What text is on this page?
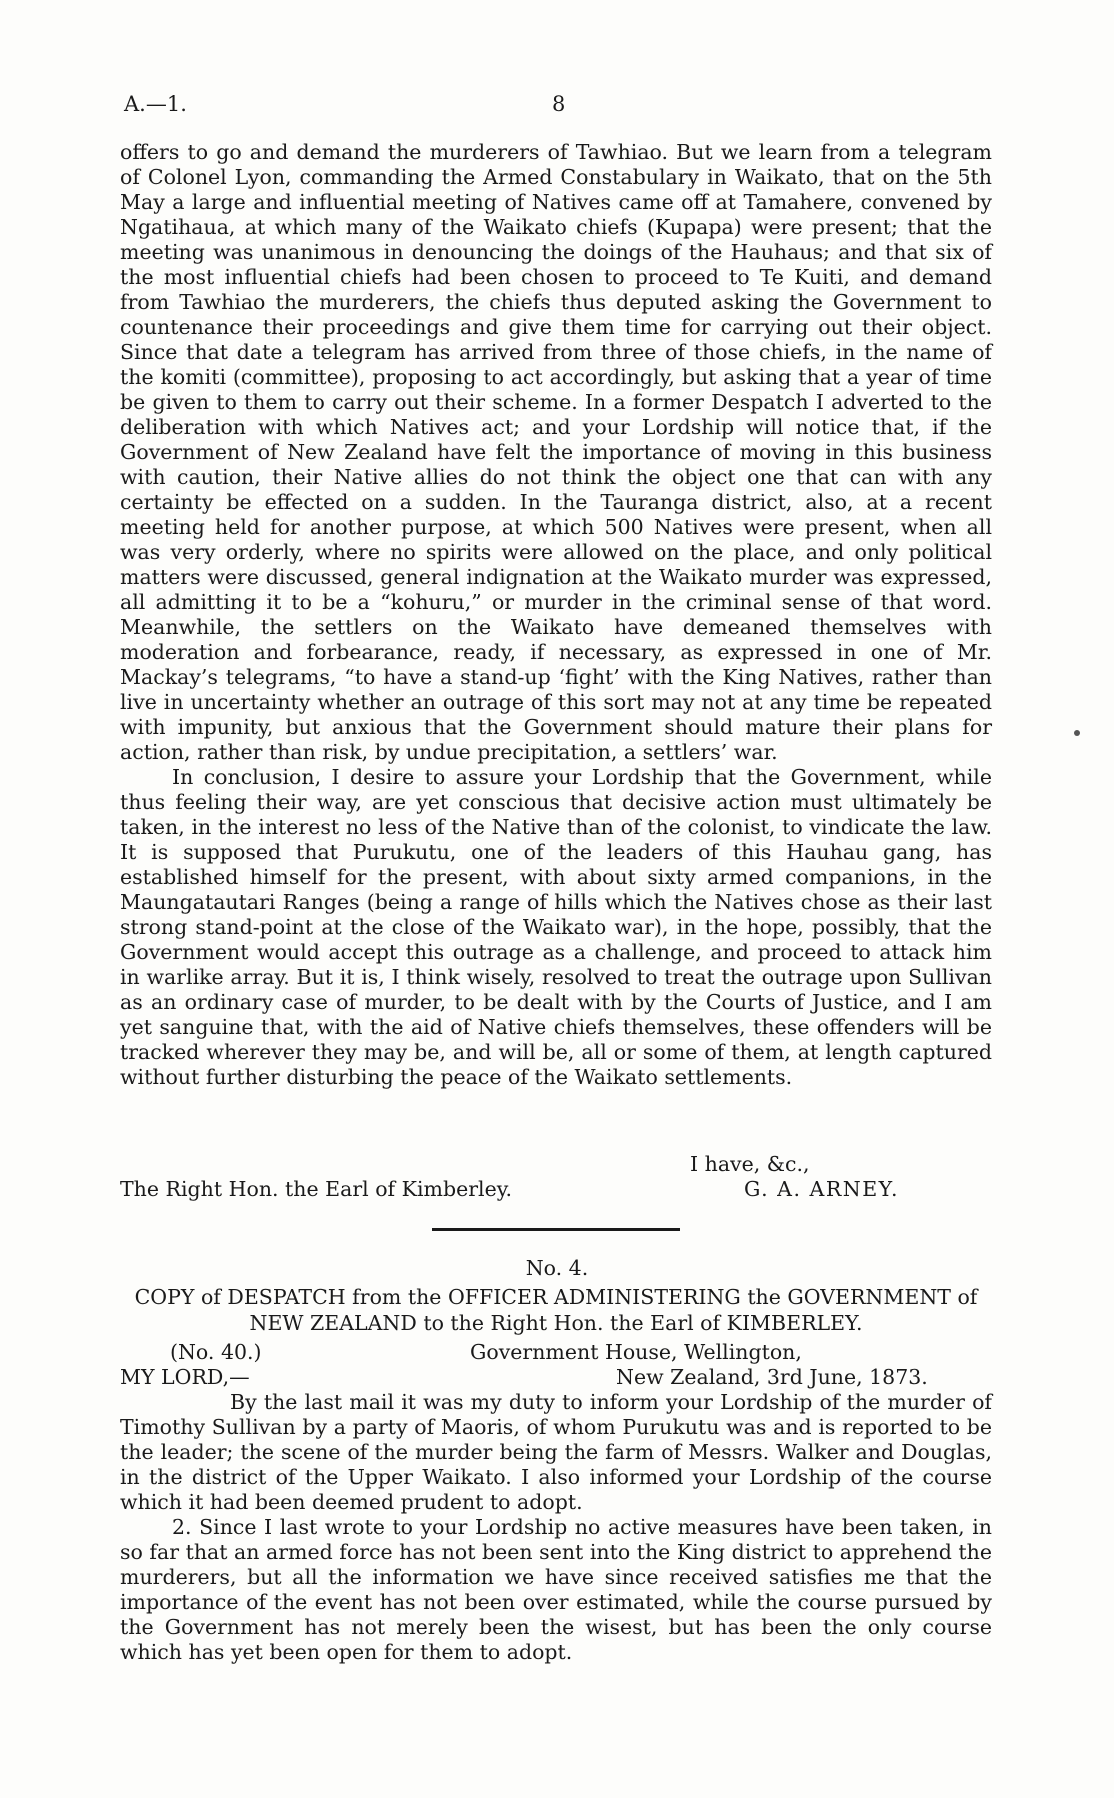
A.—1.	8

offers to go and demand the murderers of Tawhiao. But we learn from a telegram of Colonel Lyon, commanding the Armed Constabulary in Waikato, that on the 5th May a large and influential meeting of Natives came off at Tamahere, convened by Ngatihaua, at which many of the Waikato chiefs (Kupapa) were present; that the meeting was unanimous in denouncing the doings of the Hauhaus; and that six of the most influential chiefs had been chosen to proceed to Te Kuiti, and demand from Tawhiao the murderers, the chiefs thus deputed asking the Government to countenance their proceedings and give them time for carrying out their object. Since that date a telegram has arrived from three of those chiefs, in the name of the komiti (committee), proposing to act accordingly, but asking that a year of time be given to them to carry out their scheme. In a former Despatch I adverted to the deliberation with which Natives act; and your Lordship will notice that, if the Government of New Zealand have felt the importance of moving in this business with caution, their Native allies do not think the object one that can with any certainty be effected on a sudden. In the Tauranga district, also, at a recent meeting held for another purpose, at which 500 Natives were present, when all was very orderly, where no spirits were allowed on the place, and only political matters were discussed, general indignation at the Waikato murder was expressed, all admitting it to be a “kohuru,” or murder in the criminal sense of that word. Meanwhile, the settlers on the Waikato have demeaned themselves with moderation and forbearance, ready, if necessary, as expressed in one of Mr. Mackay’s telegrams, “to have a stand-up ‘fight’ with the King Natives, rather than live in uncertainty whether an outrage of this sort may not at any time be repeated with impunity, but anxious that the Government should mature their plans for action, rather than risk, by undue precipitation, a settlers’ war.

In conclusion, I desire to assure your Lordship that the Government, while thus feeling their way, are yet conscious that decisive action must ultimately be taken, in the interest no less of the Native than of the colonist, to vindicate the law. It is supposed that Purukutu, one of the leaders of this Hauhau gang, has established himself for the present, with about sixty armed companions, in the Maungatautari Ranges (being a range of hills which the Natives chose as their last strong stand-point at the close of the Waikato war), in the hope, possibly, that the Government would accept this outrage as a challenge, and proceed to attack him in warlike array. But it is, I think wisely, resolved to treat the outrage upon Sullivan as an ordinary case of murder, to be dealt with by the Courts of Justice, and I am yet sanguine that, with the aid of Native chiefs themselves, these offenders will be tracked wherever they may be, and will be, all or some of them, at length captured without further disturbing the peace of the Waikato settlements.

I have, &c.,
The Right Hon. the Earl of Kimberley.	G. A. ARNEY.
No. 4.
COPY of DESPATCH from the OFFICER ADMINISTERING the GOVERNMENT of
NEW ZEALAND to the Right Hon. the Earl of KIMBERLEY.
(No. 40.)	Government House, Wellington,
MY LORD,—	New Zealand, 3rd June, 1873.

By the last mail it was my duty to inform your Lordship of the murder of Timothy Sullivan by a party of Maoris, of whom Purukutu was and is reported to be the leader; the scene of the murder being the farm of Messrs. Walker and Douglas, in the district of the Upper Waikato. I also informed your Lordship of the course which it had been deemed prudent to adopt.

2. Since I last wrote to your Lordship no active measures have been taken, in so far that an armed force has not been sent into the King district to apprehend the murderers, but all the information we have since received satisfies me that the importance of the event has not been over estimated, while the course pursued by the Government has not merely been the wisest, but has been the only course which has yet been open for them to adopt.
